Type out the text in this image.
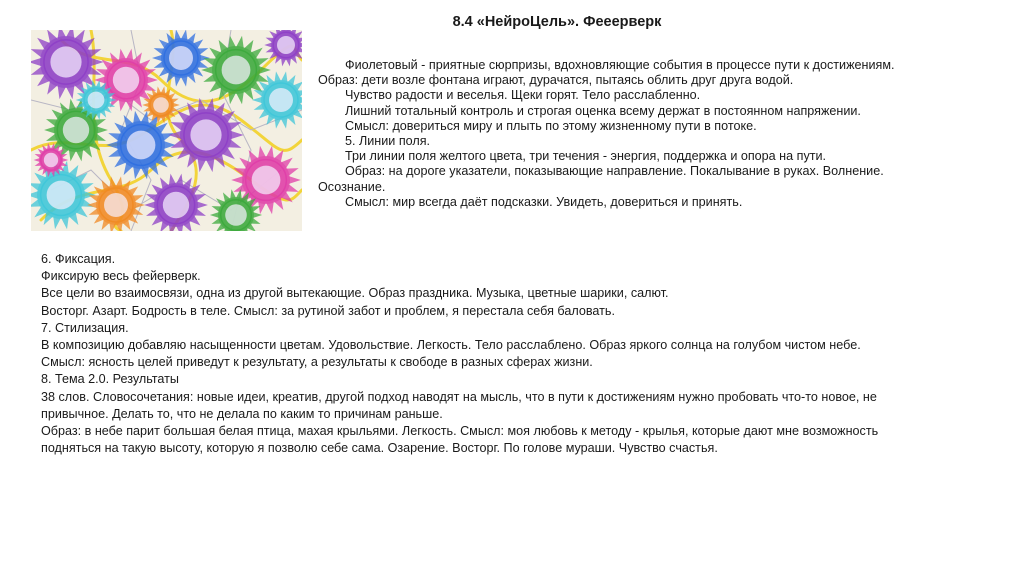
8.4 «НейроЦель». Фееерверк
Фиолетовый - приятные сюрпризы, вдохновляющие события в процессе пути к достижениям.
Образ: дети возле фонтана играют, дурачатся, пытаясь облить друг друга водой.
Чувство радости и веселья. Щеки горят. Тело расслабленно.
Лишний тотальный контроль и строгая оценка всему держат в постоянном напряжении.
Смысл: довериться миру и плыть по этому жизненному пути в потоке.
5. Линии поля.
Три линии поля желтого цвета, три течения - энергия, поддержка и опора на пути.
Образ: на дороге указатели, показывающие направление. Покалывание в руках. Волнение.
Осознание.
Смысл: мир всегда даёт подсказки. Увидеть, довериться и принять.
6. Фиксация.
Фиксирую весь фейерверк.
Все цели во взаимосвязи, одна из другой вытекающие. Образ праздника. Музыка, цветные шарики, салют.
Восторг. Азарт. Бодрость в теле. Смысл: за рутиной забот и проблем, я перестала себя баловать.
7. Стилизация.
В композицию добавляю насыщенности цветам. Удовольствие. Легкость. Тело расслаблено. Образ яркого солнца на голубом чистом небе.
Смысл: ясность целей приведут к результату, а результаты к свободе в разных сферах жизни.
8. Тема 2.0. Результаты
38 слов. Словосочетания: новые идеи, креатив, другой подход наводят на мысль, что в пути к достижениям нужно пробовать что-то новое, не
привычное. Делать то, что не делала по каким то причинам раньше.
Образ: в небе парит большая белая птица, махая крыльями. Легкость. Смысл: моя любовь к методу - крылья, которые дают мне возможность
подняться на такую высоту, которую я позволю себе сама. Озарение. Восторг. По голове мураши. Чувство счастья.
